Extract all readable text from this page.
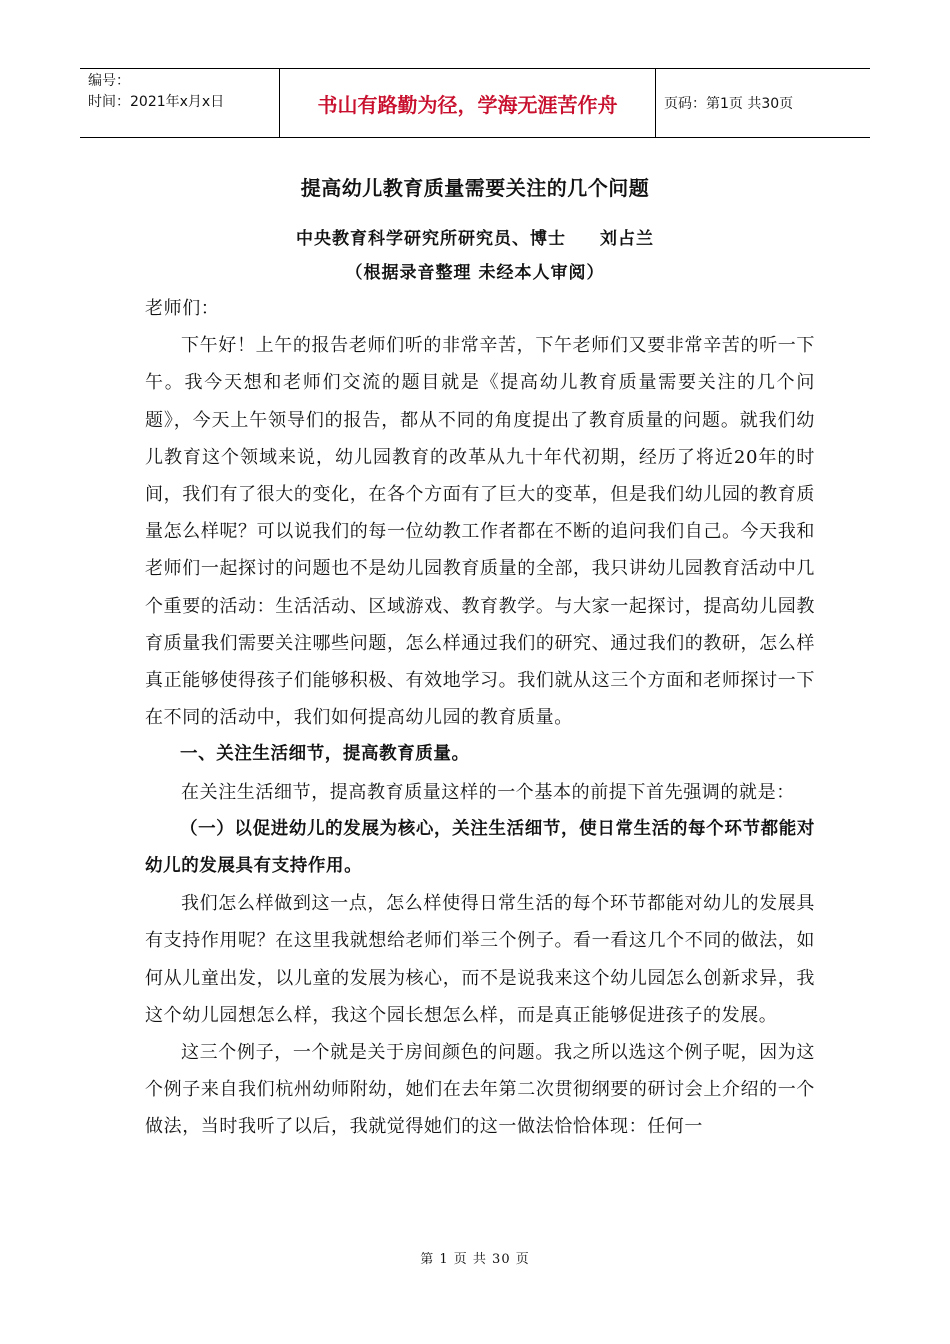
编号：
时间：2021年x月x日	书山有路勤为径，学海无涯苦作舟	页码：第1页 共30页
提高幼儿教育质量需要关注的几个问题
中央教育科学研究所研究员、博士 刘占兰
（根据录音整理 未经本人审阅）

老师们：

下午好！上午的报告老师们听的非常辛苦，下午老师们又要非常辛苦的听一下午。我今天想和老师们交流的题目就是《提高幼儿教育质量需要关注的几个问题》，今天上午领导们的报告，都从不同的角度提出了教育质量的问题。就我们幼儿教育这个领域来说，幼儿园教育的改革从九十年代初期，经历了将近20年的时间，我们有了很大的变化，在各个方面有了巨大的变革，但是我们幼儿园的教育质量怎么样呢？可以说我们的每一位幼教工作者都在不断的追问我们自己。今天我和老师们一起探讨的问题也不是幼儿园教育质量的全部，我只讲幼儿园教育活动中几个重要的活动：生活活动、区域游戏、教育教学。与大家一起探讨，提高幼儿园教育质量我们需要关注哪些问题，怎么样通过我们的研究、通过我们的教研，怎么样真正能够使得孩子们能够积极、有效地学习。我们就从这三个方面和老师探讨一下在不同的活动中，我们如何提高幼儿园的教育质量。

一、关注生活细节，提高教育质量。

在关注生活细节，提高教育质量这样的一个基本的前提下首先强调的就是：

（一）以促进幼儿的发展为核心，关注生活细节，使日常生活的每个环节都能对幼儿的发展具有支持作用。

我们怎么样做到这一点，怎么样使得日常生活的每个环节都能对幼儿的发展具有支持作用呢？在这里我就想给老师们举三个例子。看一看这几个不同的做法，如何从儿童出发，以儿童的发展为核心，而不是说我来这个幼儿园怎么创新求异，我这个幼儿园想怎么样，我这个园长想怎么样，而是真正能够促进孩子的发展。

这三个例子，一个就是关于房间颜色的问题。我之所以选这个例子呢，因为这个例子来自我们杭州幼师附幼，她们在去年第二次贯彻纲要的研讨会上介绍的一个做法，当时我听了以后，我就觉得她们的这一做法恰恰体现：任何一

第 1 页 共 30 页
